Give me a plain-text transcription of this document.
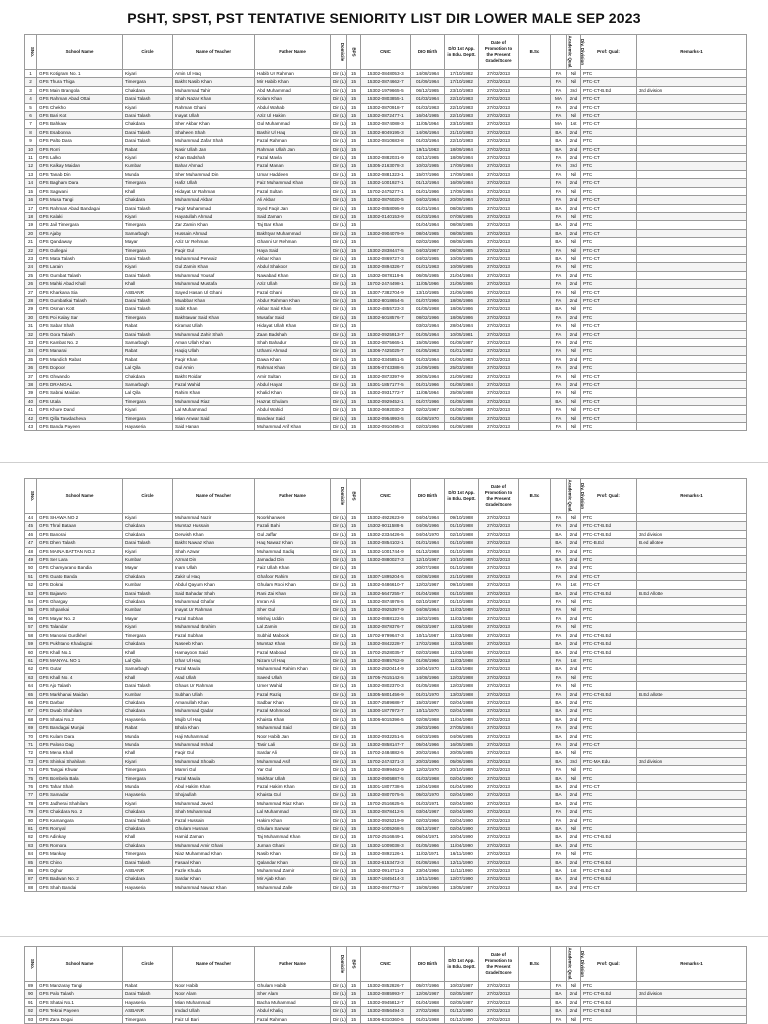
PSHT, SPST, PST TENTATIVE SENIORITY LIST DIR LOWER MALE SEP 2023
SNo.	School Name	Circle	Name of Teacher	Father Name	Domicile	BPS	CNIC	DIO Birth	D/O 1st App. in Edu. Deptt.	Date of Promotion to the Present Grade/Score	B.Sc	Academic Qual.	Div. Division	Prof: Qual:	Remarks-1
1	GPS Kotigram No. 1	Kiyari	Amin Ul Haq	Habib Ur Rahman	Dir (L)	15	15302-0848053-3	14/08/1964	17/10/1982	27/02/2013		FA	Nil	PTC	
2	GPS Thura Thiga	Timergara	Bakht Nasib Khan	Mir Habib Khan	Dir (L)	15	15302-0874662-7	01/09/1964	17/10/1982	27/02/2013		FA	Nil	PTC-CT	
3	GPS Main Brangola	Chakdara	Muhammad Tahir	Abd Muhammad	Dir (L)	15	15302-1979665-5	06/12/1965	23/10/1983	27/02/2013		FA	3rd	PTC-CT-B.Ed	3rd division
4	GPS Rahman Abad Ottai	Darai Talash	Shah Nazar Khan	Kolam Khan	Dir (L)	15	15302-0803855-1	01/03/1964	22/10/1983	27/02/2013		MA	2nd	PTC-CT	
5	GPS Chekho	Kiyari	Rahman Ghani	Abdul Wahab	Dir (L)	15	15302-0870918-7	01/03/1963	22/10/1983	27/02/2013		FA	2nd	PTC-CT	
6	GPS Bari Kot	Darai Talash	Inayat Ullah	Aziz Ul Hakim	Dir (L)	15	15302-0872477-1	16/04/1965	22/10/1983	27/02/2013		FA	Nil	PTC-CT	
7	GPS Bahkaw	Chakdara	Sher Akbar Khan	Gul Muhammad	Dir (L)	15	15302-0874088-3	11/05/1964	23/10/1983	27/02/2013		MA	1st	PTC-CT	
8	GPS Esabonna	Darai Talash	Shaheen Shah	Bashir Ul Haq	Dir (L)	15	15302-8049195-3	14/06/1964	21/10/1983	27/02/2013		BA	2nd	PTC	
9	GPS Palto Dara	Darai Talash	Muhammad Zafar Shah	Fazal Rahman	Dir (L)	15	15302-0810683-8	01/03/1964	22/10/1983	27/02/2013		BA	2nd	PTC	
10	GPS Rorri	Rabat	Nasir Ullah Jan	Rahman Ullah Jan	Dir (L)	15		19/11/1963	18/09/1984	27/02/2013		BA	2nd	PTC-CT	
11	GPS Lalko	Kiyari	Khan Badshah	Fazal Mavla	Dir (L)	15	15302-0882031-9	02/12/1965	18/09/1984	27/02/2013		FA	2nd	PTC-CT	
12	GPS Kalkay Maidan	Kumbar	Bahar Ahmad	Fazal Manan	Dir (L)	15	15305-2163078-3	10/02/1965	17/09/1984	27/02/2013		FA	3rd	PTC	
13	GPS Tanab Din	Munda	Sher Muhammad Din	Umar Haddeen	Dir (L)	15	15302-0881323-1	15/07/1966	17/09/1984	27/02/2013		FA	Nil	PTC	
14	GPS Bagham Dara	Timergara	Hafiz Ullah	Faiz Muhammad Khan	Dir (L)	15	15302-1001927-1	01/12/1964	16/09/1984	27/02/2013		FA	2nd	PTC-CT	
15	GPS Sagwani	Khall	Hidayat Ur Rahman	Fazal Sultan	Dir (L)	15	15702-2475277-1	01/01/1966	17/09/1984	27/02/2013		FA	Nil	PTC	
16	GPS Musa Tangi	Chakdara	Muhammad Akbar	Ali Akbar	Dir (L)	15	15302-0876020-5	04/02/1964	20/09/1984	27/02/2013		FA	2nd	PTC-CT	
17	GPS Rahman Abad Bandagai	Darai Talash	Faqir Muhammad	Syed Faqir Jan	Dir (L)	15	15302-0858095-9	01/01/1964	08/08/1985	27/02/2013		BA	2nd	PTC-CT	
18	GPS Kalaki	Kiyari	Hayatullah Ahmad	Said Zaman	Dir (L)	15	15302-0140153-9	01/03/1964	07/08/1985	27/02/2013		FA	Nil	PTC	
19	GPS Jail Timergara	Timergara	Zar Zamin Khan	Taj Bar Khan	Dir (L)	15		01/04/1964	08/08/1985	27/02/2013		BA	2nd	PTC	
20	GPS Ajaby	Samarbagh	Hussain Ahmad	Bakhtyar Muhammad	Dir (L)	15	15302-0904079-9	08/04/1965	08/08/1985	27/02/2013		BA	2nd	PTC-CT	
21	GPS Qandaway	Mayar	Aziz Ur Rehman	Ghanni Ur Rehman	Dir (L)	15		02/02/1966	08/08/1985	27/02/2013		BA	Nil	PTC	
22	GPS Gullegai	Timergara	Faqir Gul	Haya Said	Dir (L)	15	15302-2838447-5	04/03/1967	08/08/1985	27/02/2013		FA	Nil	PTC-CT	
23	GPS Mata Talash	Darai Talash	Muhammad Perwaiz	Akbar Khan	Dir (L)	15	15302-0869727-3	04/02/1965	10/09/1985	27/02/2013		BA	Nil	PTC-CT	
24	GPS Larain	Kiyari	Gul Zamin Khan	Abdul Shakoor	Dir (L)	15	15302-0894326-7	01/01/1963	10/09/1985	27/02/2013		FA	Nil	PTC	
25	GPS Gumbat Talash	Darai Talash	Muhammad Yousaf	Nawabad Khan	Dir (L)	15	15302-0878119-5	06/05/1965	21/04/1984	27/02/2013		FA	2nd	PTC	
26	GPS Mahki Abad Khall	Khall	Muhammad Mustafa	Aziz Ullah	Dir (L)	15	15702-2474498-1	11/05/1966	21/06/1986	27/02/2013		FA	2nd	PTC	
27	GPS Kharkana Sia	ASBANR	Sayed Hasan Ul Ghani	Fazal Ghani	Dir (L)	15	15307-7382704-9	13/10/1965	21/06/1986	27/02/2013		FA	Nil	PTC-CT	
28	GPS Gumbatkai Talash	Darai Talash	Muabbar Khan	Abdur Rahman Khan	Dir (L)	15	15302-8018654-5	01/07/1966	18/06/1986	27/02/2013		FA	2nd	PTC-CT	
29	GPS Osman Kott	Darai Talash	Sabit Khan	Akbar Said Khan	Dir (L)	15	15302-4855723-3	01/05/1968	18/06/1986	27/02/2013		BA	Nil	PTC	
30	GPS Poi Kalay Sar	Timergara	Bakhtawar Said Khan	Musafar Said	Dir (L)	15	15302-6018576-7	08/02/1966	18/06/1986	27/02/2013		FA	2nd	PTC	
31	GPS Sabar Shah	Rabat	Kiramat Ullah	Hidayat Ullah Khan	Dir (L)	15		03/02/1964	28/04/1984	27/02/2013		FA	Nil	PTC-CT	
32	GPS Gora Talash	Darai Talash	Muhammad Zahir Shah	Zaan Badshah	Dir (L)	15	15302-0925913-7	01/05/1964	10/05/1981	27/02/2013		FA	2nd	PTC-CT	
33	GPS Kambat No. 2	Samarbagh	Aman Ullah Khan	Shah Bahadur	Dir (L)	15	15302-0875665-1	15/05/1966	01/08/1987	27/02/2013		FA	2nd	PTC	
34	GPS Manarai	Rabat	Haqiq Ullah	Uthami Ahmad	Dir (L)	15	15306-7425025-7	01/05/1963	01/01/1982	27/02/2013		FA	Nil	PTC	
35	GPS Mandich Rabat	Rabat	Faqir Khan	Dawa Khan	Dir (L)	15	15302-0345851-5	01/03/1964	01/06/1983	27/02/2013		FA	2nd	PTC	
36	GPS Dopoor	Lal Qila	Gul Amin	Rahmat Khan	Dir (L)	15	15305-0743388-5	21/09/1965	25/03/1988	27/02/2013		FA	2nd	PTC	
37	GPS Ghwando	Chakdara	Bakht Roidar	Amir Sultan	Dir (L)	15	15302-0873397-9	30/05/1964	21/09/1982	27/02/2013		FA	Nil	PTC-CT	
38	GPS DRANGAL	Samarbagh	Fazal Wahid	Abdul Hayat	Dir (L)	15	15301-1857177-5	01/01/1966	01/08/1984	27/02/2013		FA	2nd	PTC-CT	
39	GPS Sabrai Maidan	Lal Qila	Rahim Khan	Khalid Khan	Dir (L)	15	15302-0931772-7	11/08/1964	25/08/1988	27/02/2013		FA	Nil	PTC	
40	GPS Utala	Timergara	Muhammad Riaz	Hazrat Ghulam	Dir (L)	15	15302-0929452-1	01/07/1966	01/08/1988	27/02/2013		BA	Nil	PTC-CT	
41	GPS Khure Dand	Kiyari	Lal Muhammad	Abdul Wahid	Dir (L)	15	15302-0692030-3	02/02/1967	01/08/1988	27/02/2013		FA	Nil	PTC-CT	
42	GPS Qilla Tawdacheva	Timergara	Mian Anwar Said	Bandear Said	Dir (L)	15	15302-0954993-5	01/08/1970	01/08/1988	27/02/2013		FA	Nil	PTC-CT	
43	GPS Banda Payeen	Hayaseria	Said Hanan	Muhammad Arif Khan	Dir (L)	15	15302-0910495-3	02/03/1966	01/08/1988	27/02/2013		FA	Nil	PTC	
SNo.	School Name	Circle	Name of Teacher	Father Name	Domicile	BPS	CNIC	DIO Birth	D/O 1st App. in Edu. Deptt.	Date of Promotion to the Present Grade/Score	B.Sc	Academic Qual.	Div. Division	Prof: Qual:	Remarks-1
44	GPS SHAWA NO 2	Kiyari	Muhammad Nazir	Noorkhanwen	Dir (L)	15	15302-4922623-9	04/04/1964	09/10/1988	27/02/2013		FA	Nil	PTC	
45	GPS Thral Bataan	Chakdara	Mumtaz Hussain	Fazali Bahi	Dir (L)	15	15302-9011588-5	04/06/1966	01/10/1988	27/02/2013		FA	2nd	PTC-CT-B.Ed	
46	GPS Banorai	Chakdara	Derwish Khan	Gul Jaffar	Dir (L)	15	15302-2334426-5	04/04/1970	02/10/1988	27/02/2013		BA	2nd	PTC-CT-B.Ed	3rd division
47	GPS Dhen Talash	Darai Talash	Bakht Nawaz Khan	Haq Nawaz Khan	Dir (L)	15	15302-0854102-1	01/01/1964	01/10/1988	27/02/2013		BA	2nd	PTC-B.Ed	B.ed allotee
48	GPS MAINA BATTAN NO.2	Kiyari	Shah Azwar	Muhammad Sadiq	Dir (L)	15	15302-1001744-9	01/12/1968	01/10/1988	27/02/2013		FA	2nd	PTC	
49	GPS Ser Lara	Kumbar	Azmat Din	Jamadad Din	Dir (L)	15	15302-0880027-3	12/10/1967	10/10/1988	27/02/2013		BA	2nd	PTC	
50	GPS Chamyarano Bandia	Mayar	Inam Ullah	Faiz Ullah Khan	Dir (L)	15		20/07/1968	01/10/1988	27/02/2013		FA	2nd	PTC	
51	GPS Guato Banda	Chakdara	Zakir ul Haq	Ghafoor Rahim	Dir (L)	15	15307-1895204-5	02/08/1968	21/10/1988	27/02/2013		FA	2nd	PTC-CT	
52	GPS Dokrai	Kumbar	Abdul Qayum Khan	Ghulam Rooi Khan	Dir (L)	15	15302-0486610-7	12/02/1967	09/10/1988	27/02/2013		FA	1st	PTC-CT	
53	GPS Bajawro	Darai Talash	Said Bahadar Shah	Rani Zai Khan	Dir (L)	15	15302-5647255-7	01/04/1968	01/10/1988	27/02/2013		BA	2nd	PTC-CT-B.Ed	B.Ed Allotte
54	GPS Ghargay	Chakdara	Muhammad Ghafar	Imran Ali	Dir (L)	15	15302-0874978-5	02/10/1967	01/10/1988	27/02/2013		FA	Nil	PTC	
55	GPS Shpankai	Kumbar	Inayat Ur Rahman	Sher Gul	Dir (L)	15	15302-0925397-9	04/08/1964	11/03/1988	27/02/2013		FA	Nil	PTC	
56	GPS Mayar No. 2	Mayar	Fazal Subhan	Minhaj Uddin	Dir (L)	15	15302-0888122-5	15/02/1965	11/03/1988	27/02/2013		FA	2nd	PTC	
57	GPS Talandar	Kiyari	Muhammad Ibrahim	Lal Zamin	Dir (L)	15	15302-0878376-7	05/03/1967	11/03/1988	27/02/2013		FA	Nil	PTC	
58	GPS Manorai Gurdkhel	Timergara	Fazal Subhan	Subhid Mabook	Dir (L)	15	15702-9799647-3	10/11/1967	11/03/1988	27/02/2013		FA	2nd	PTC-CT-B.Ed	
59	GPS Pukhtano Khadagzai	Chakdara	Naseeb Khan	Mumtaz Khan	Dir (L)	15	15302-0842228-7	17/02/1968	11/03/1988	27/02/2013		BA	2nd	PTC-CT-B.Ed	
60	GPS Khall No.1	Khall	Hamayoon Said	Fazal Maboad	Dir (L)	15	15702-2528035-7	02/03/1968	11/03/1988	27/02/2013		BA	2nd	PTC-CT-B.Ed	
61	GPS MANYAL NO 1	Lal Qila	Izhar Ul Haq	Nizam Ul Haq	Dir (L)	15	15302-0885762-9	01/08/1966	11/03/1988	27/02/2013		FA	1st	PTC	
62	GPS Gutar	Samarbagh	Fazal Maula	Muhammad Rahim Khan	Dir (L)	15	15302-2820414-9	10/04/1970	11/03/1988	27/02/2013		BA	2nd	PTC	
63	GPS Khall No. 4	Khall	Atad Ullah	Saeed Ullah	Dir (L)	15	15705-7615142-5	14/08/1966	12/03/1988	27/02/2013		FA	Nil	PTC	
64	GPS Ajo Talash	Darai Talash	Ghaus Ur Rahman	Umer Wahid	Dir (L)	15	15302-0802370-3	01/05/1968	12/03/1988	27/02/2013		FA	Nil	PTC	
65	GPS Markhanai Maidan	Kumbar	Subhan Ullah	Fazal Raziq	Dir (L)	15	15305-5801456-9	01/01/1970	13/03/1988	27/02/2013		FA	2nd	PTC-CT-B.Ed	B.Ed allotte
66	GPS Darbar	Chakdara	Amanullah Khan	Sadbar Khan	Dir (L)	15	15307-2589688-7	15/03/1967	02/04/1988	27/02/2013		BA	2nd	PTC	
67	GPS Dwab Shahilam	Chakdara	Muhammad Qadar	Fazal Mohmood	Dir (L)	15	15300-1877972-7	10/11/1970	02/04/1988	27/02/2013		BA	2nd	PTC	
68	GPS Shatai No.2	Hayaseria	Mujib Ul Haq	Khaista Khan	Dir (L)	15	15306-6015396-5	02/08/1968	11/04/1988	27/02/2013		BA	2nd	PTC	
69	GPS Bandagai Munjai	Rabat	Bhola Khan	Muhammad Said	Dir (L)	15		25/03/1966	27/05/1984	27/02/2013		FA	2nd	PTC	
70	GPS Kulam Dara	Munda	Haji Muhammad	Noor Habib Jan	Dir (L)	15	15302-0932251-5	04/03/1965	04/06/1985	27/02/2013		BA	2nd	PTC	
71	GPS Paloso Dag	Munda	Muhammad Irshad	Tasir Lali	Dir (L)	15	15302-0858147-7	05/04/1966	16/05/1985	27/02/2013		FA	2nd	PTC-CT	
72	GPS Mena Khall	Khall	Faqir Gul	Sardar Ali	Dir (L)	15	15702-2484882-5	20/02/1964	20/05/1985	27/02/2013		BA	Nil	PTC	
73	GPS Shinkai Shahilam	Kiyari	Muhammad Shoaib	Muhammad Asif	Dir (L)	15	15702-2474371-3	20/03/1966	05/06/1986	27/02/2013		BA	3rd	PTC-MA Edu	3rd division
74	GPS Tangai Khwar	Timergara	Mamri Gul	Yar Gul	Dir (L)	15	15302-0899462-9	12/02/1970	20/10/1988	27/02/2013		FA	Nil	PTC	
75	GPS Bombela Bala	Timergara	Fazal Maula	Mukhtar Ullah	Dir (L)	15	15302-0905887-5	01/03/1968	02/04/1990	27/02/2013		BA	Nil	PTC	
76	GPS Tahar Shah	Munda	Abul Hakim Khan	Fazal Hakim Khan	Dir (L)	15	15301-1807738-5	12/04/1968	01/04/1990	27/02/2013		BA	2nd	PTC-CT	
77	GPS Samadar	Hayaseria	Shojaullah	Khaista Gul	Dir (L)	15	15302-0807075-5	05/02/1970	02/04/1990	27/02/2013		BA	2nd	PTC	
78	GPS Jadherai Shahilam	Kiyari	Muhammad Javed	Muhammad Riaz Khan	Dir (L)	15	15702-2516625-5	01/03/1971	02/04/1990	27/02/2013		BA	2nd	PTC	
79	GPS Chakdara No. 2	Chakdara	Shah Muhammad	Lal Muhammad	Dir (L)	15	15302-0878412-5	03/04/1967	02/04/1990	27/02/2013		FA	2nd	PTC	
80	GPS Kamangara	Darai Talash	Fazal Hussain	Hakim Khan	Dir (L)	15	15302-0925219-9	02/03/1966	02/04/1990	27/02/2013		FA	2nd	PTC	
81	GPS Romyal	Chakdara	Ghulam Husnan	Ghulam Sanwar	Dir (L)	15	15302-1005268-5	05/12/1967	02/04/1990	27/02/2013		BA	Nil	PTC	
82	GPS Adinkay	Khall	Hamid Zaman	Taj Muhammad Khan	Dir (L)	15	15702-2516849-1	06/04/1971	10/04/1990	27/02/2013		BA	2nd	PTC-CT-B.Ed	
83	GPS Romora	Chakdara	Muhammad Amir Ghani	Jurnan Ghani	Dir (L)	15	15302-1009038-3	01/05/1966	11/04/1990	27/02/2013		BA	2nd	PTC	
84	GPS Mankay	Timergara	Niaz Muhammad Khan	Nasib Khan	Dir (L)	15	15302-0892126-1	11/02/1971	16/11/1990	27/02/2013		FA	Nil	PTC	
85	GPS Chino	Darai Talash	Fasaal Khan	Qalandar Khan	Dir (L)	15	15302-6153472-3	01/08/1964	12/11/1990	27/02/2013		BA	2nd	PTC-CT-B.Ed	
86	GPS Oghur	ASBANR	Fazle Khuda	Muhammad Zamir	Dir (L)	15	15302-0914711-3	23/04/1966	11/11/1990	27/02/2013		BA	1st	PTC-CT-B.Ed	
87	GPS Badwan No. 2	Chakdara	Sardar Khan	Mir Ajab Khan	Dir (L)	15	15307-1845414-3	10/11/1966	12/07/1990	27/02/2013		BA	2nd	PTC-CT-B.Ed	
88	GPS Shah Bandai	Hayaseria	Muhammad Nawaz Khan	Muhammad Zalle	Dir (L)	15	15302-0847752-7	15/08/1966	13/05/1987	27/02/2013		BA	2nd	PTC-CT	
SNo.	School Name	Circle	Name of Teacher	Father Name	Domicile	BPS	CNIC	DIO Birth	D/O 1st App. in Edu. Deptt.	Date of Promotion to the Present Grade/Score	B.Sc	Academic Qual.	Div. Division	Prof: Qual:	Remarks-1
89	GPS Manzaray Tangi	Rabat	Noor Habib	Ghulam Habib	Dir (L)	15	15302-0852826-7	05/07/1966	10/03/1987	27/02/2013		FA	Nil	PTC	
90	GPS Palo Talash	Darai Talash	Noor Alam	Sher Alam	Dir (L)	15	15302-0885993-7	12/06/1967	02/05/1987	27/02/2013		BA	2nd	PTC-CT-B.Ed	3rd division
91	GPS Shatai No.1	Hayaseria	Mian Muhammad	Bacha Muhammad	Dir (L)	15	15302-0945812-7	01/04/1968	02/05/1987	27/02/2013		BA	2nd	PTC-CT-B.Ed	
92	GPS Tekrai Payeen	ASBANR	Imdad Ullah	Abdul Khaliq	Dir (L)	15	15302-0856494-3	27/02/1968	01/12/1990	27/02/2013		BA	2nd	PTC-CT-B.Ed	
93	GPS Zara Dogai	Timergara	Faiz Ul Bari	Fazal Rahman	Dir (L)	15	15306-6310360-5	01/01/1968	01/12/1990	27/02/2013		FA	Nil	PTC	
